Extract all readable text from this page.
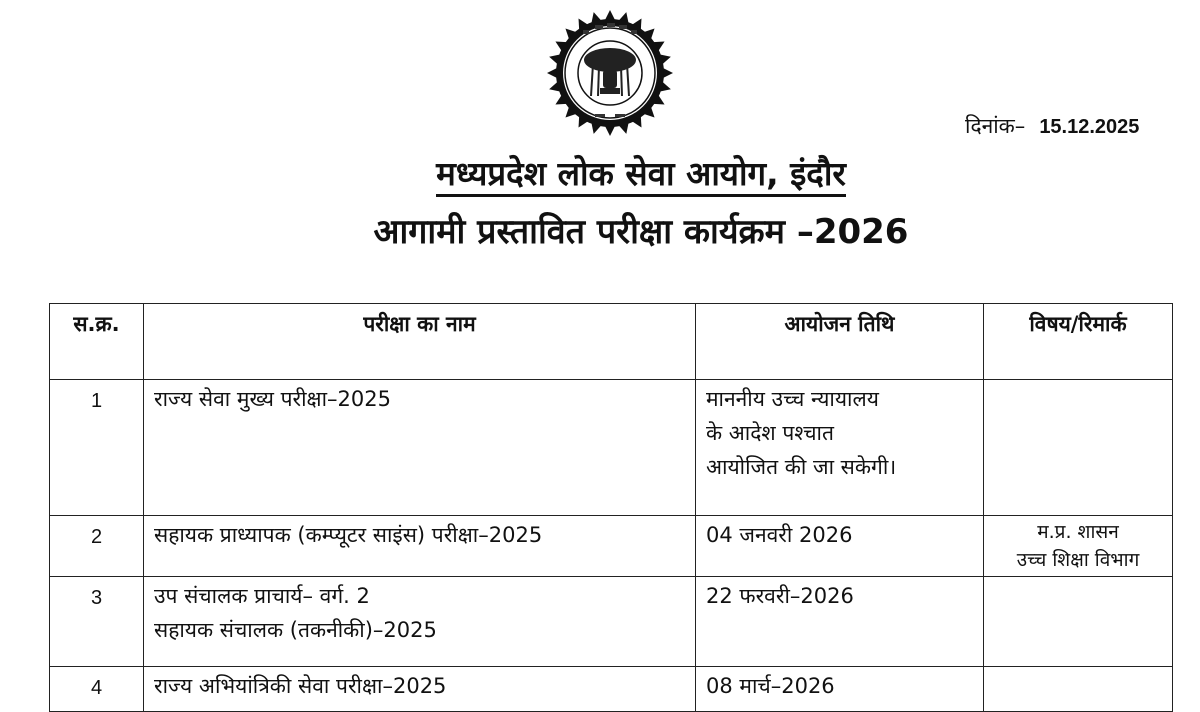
दिनांक– 15.12.2025
मध्यप्रदेश लोक सेवा आयोग, इंदौर
आगामी प्रस्तावित परीक्षा कार्यक्रम –2026
स.क्र.	परीक्षा का नाम	आयोजन तिथि	विषय/रिमार्क
1	राज्य सेवा मुख्य परीक्षा–2025	माननीय उच्च न्यायालय
के आदेश पश्चात
आयोजित की जा सकेगी।	

2	सहायक प्राध्यापक (कम्प्यूटर साइंस) परीक्षा–2025	04 जनवरी 2026	म.प्र. शासन
उच्च शिक्षा विभाग

3	उप संचालक प्राचार्य– वर्ग. 2
सहायक संचालक (तकनीकी)–2025	22 फरवरी–2026	

4	राज्य अभियांत्रिकी सेवा परीक्षा–2025	08 मार्च–2026	
